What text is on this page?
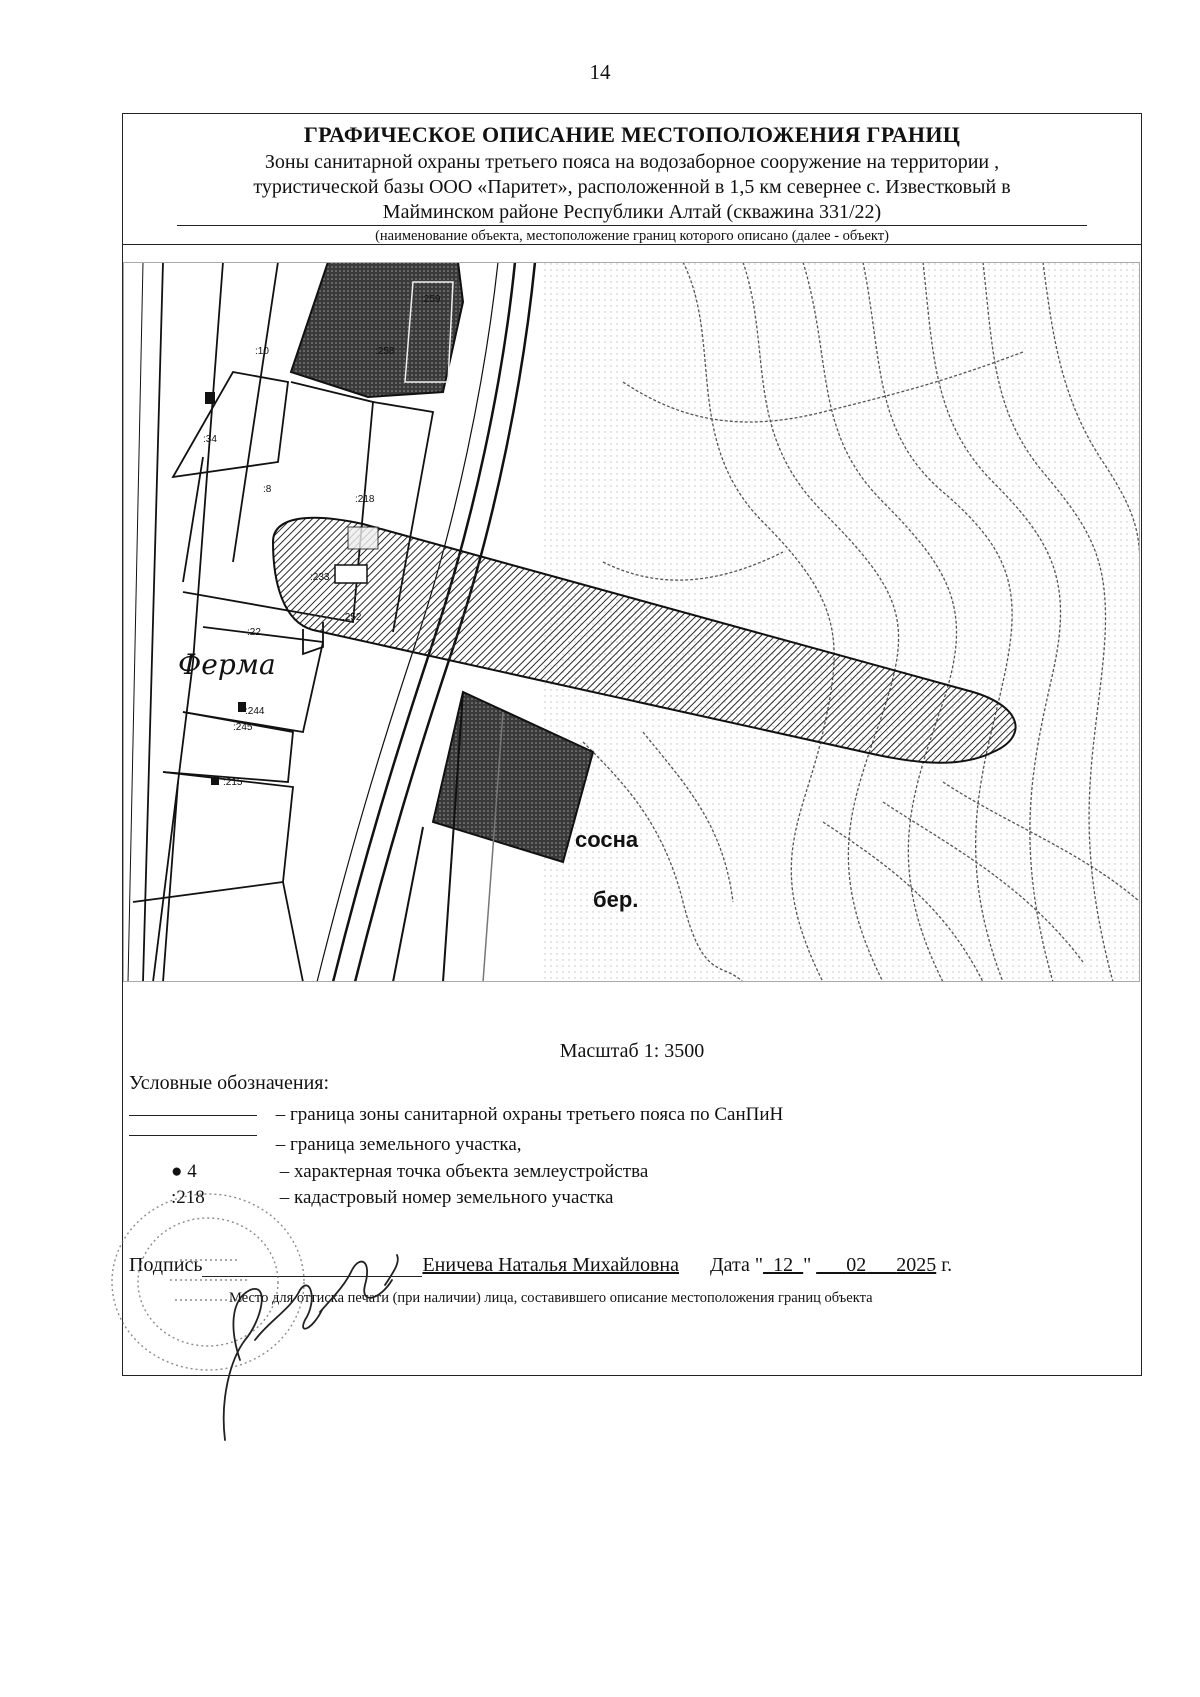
14
ГРАФИЧЕСКОЕ ОПИСАНИЕ МЕСТОПОЛОЖЕНИЯ ГРАНИЦ
Зоны санитарной охраны третьего пояса на водозаборное сооружение на территории ,
туристической базы ООО «Паритет», расположенной в 1,5 км севернее с. Известковый в
Майминском районе Республики Алтай (скважина 331/22)
(наименование объекта, местоположение границ которого описано (далее - объект)
:259
:258
:10
:34
:8
:218
:233
:252
:22
:244
:245
:215
Ферма
сосна
бер.
Масштаб 1: 3500
Условные обозначения:
– граница зоны санитарной охраны третьего пояса по СанПиН
– граница земельного участка,
● 4	– характерная точка объекта землеустройства
:218	– кадастровый номер земельного участка
Подпись	Еничева Наталья Михайловна Дата "_12_" ___02___2025 г.
Место для оттиска печати (при наличии) лица, составившего описание местоположения границ объекта
